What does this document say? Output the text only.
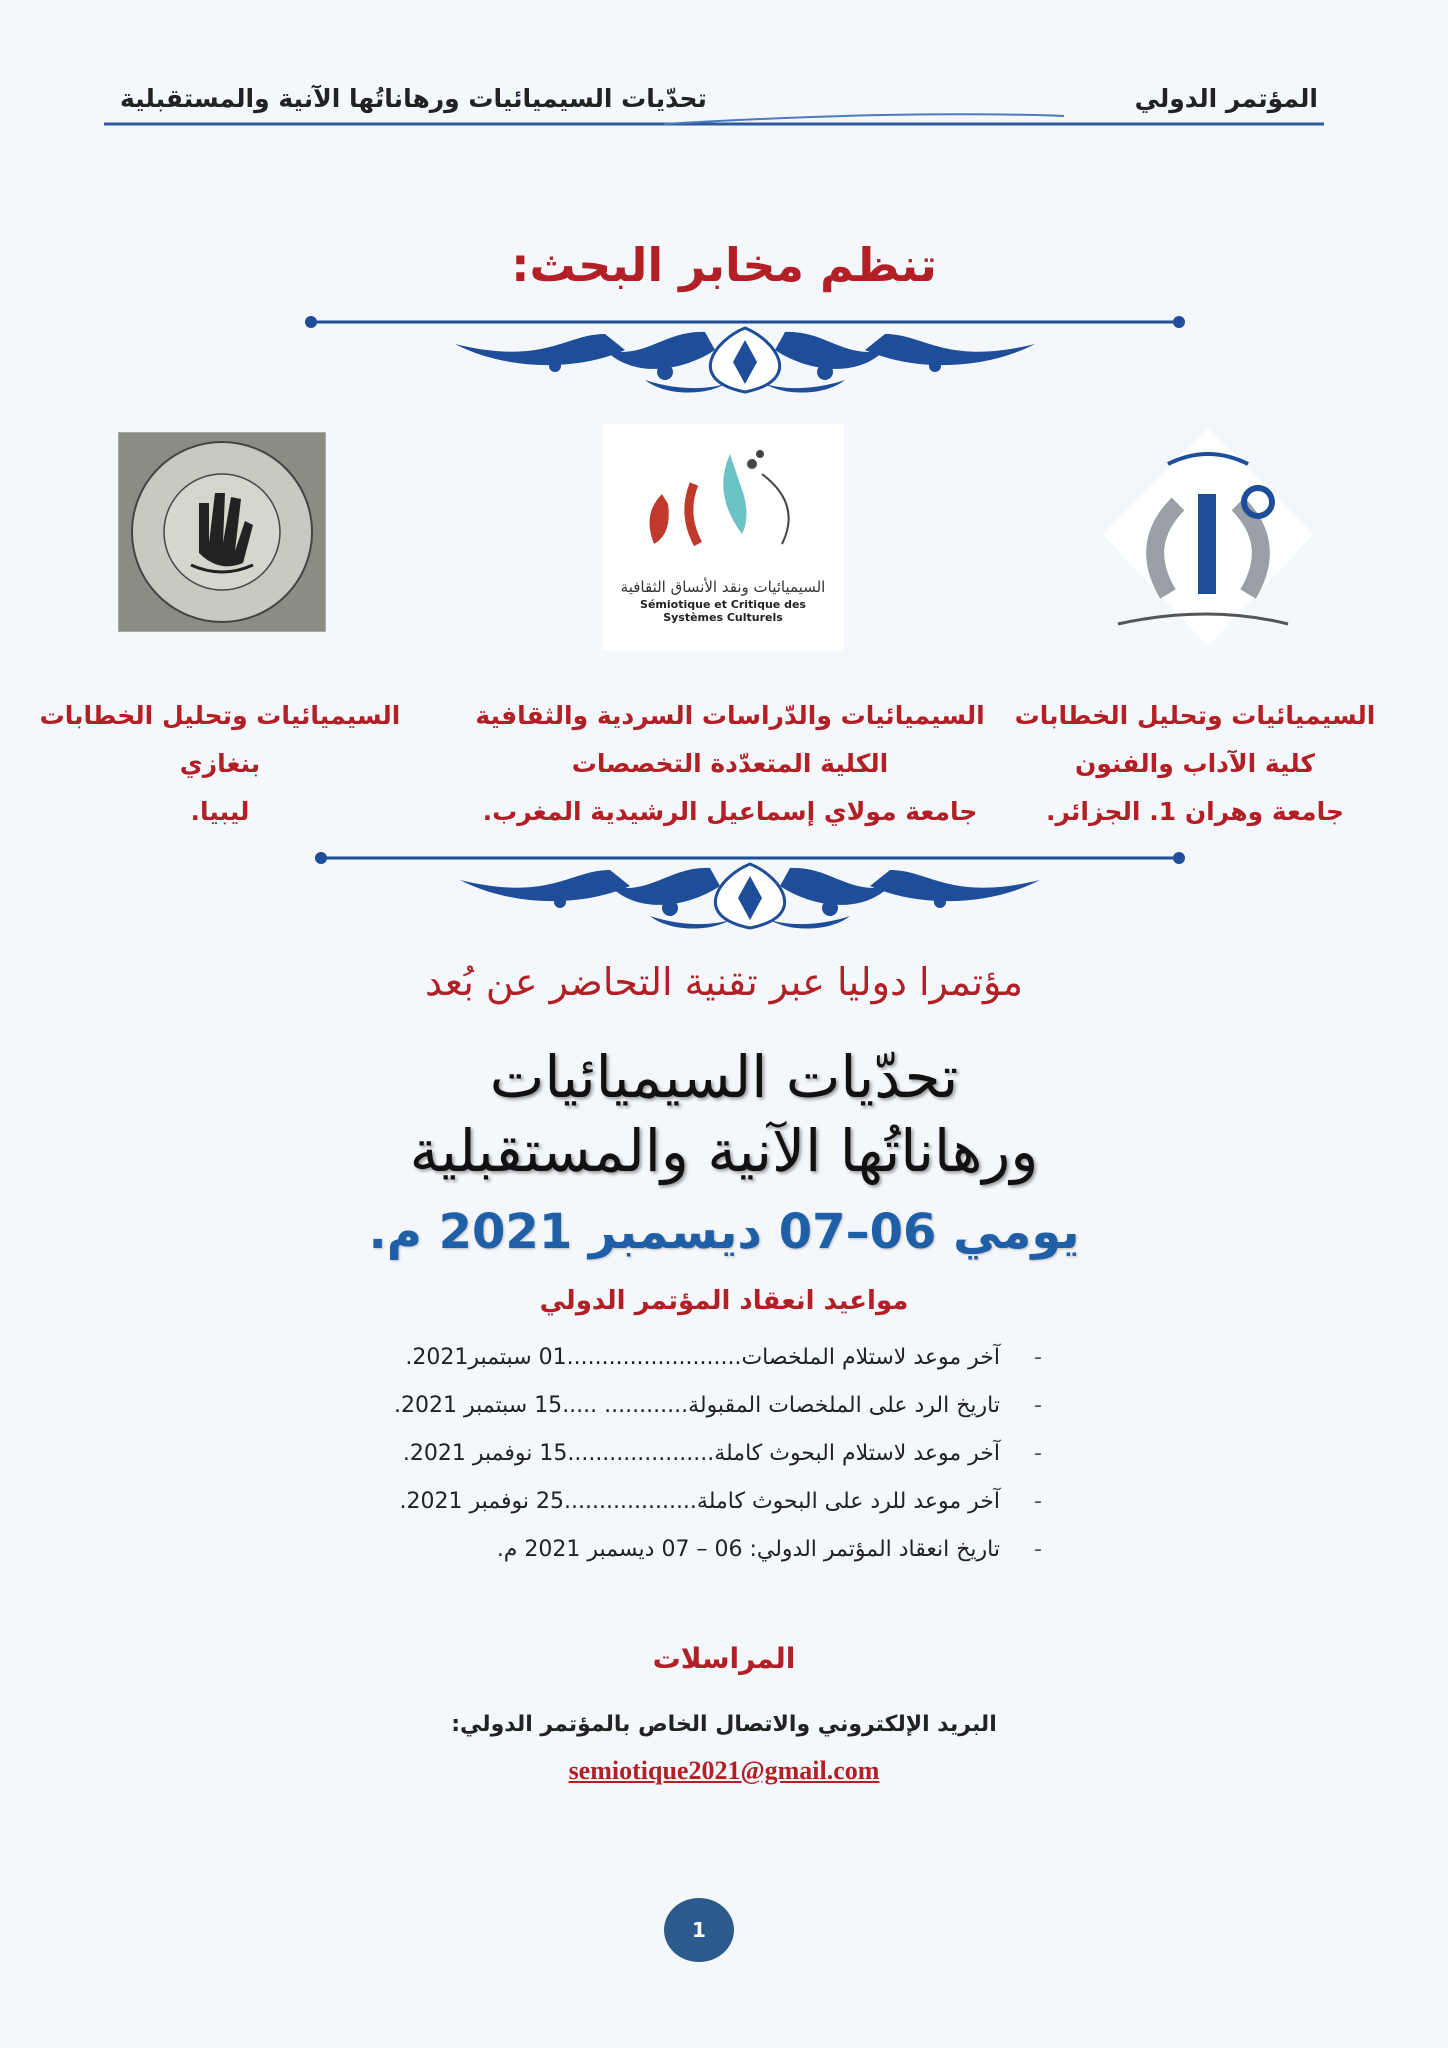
تحدّيات السيميائيات ورهاناتُها الآنية والمستقبلية	المؤتمر الدولي
تنظم مخابر البحث:
السيميائيات ونقد الأنساق الثقافية
Sémiotique et Critique des Systèmes Culturels
السيميائيات وتحليل الخطابات
كلية الآداب والفنون
جامعة وهران 1. الجزائر.
السيميائيات والدّراسات السردية والثقافية
الكلية المتعدّدة التخصصات
جامعة مولاي إسماعيل الرشيدية المغرب.
السيميائيات وتحليل الخطابات
بنغازي
ليبيا.
مؤتمرا دوليا عبر تقنية التحاضر عن بُعد
تحدّيات السيميائيات
ورهاناتُها الآنية والمستقبلية
يومي 06–07 ديسمبر 2021 م.
مواعيد انعقاد المؤتمر الدولي
-
آخر موعد لاستلام الملخصات.........................01 سبتمبر2021.
-
تاريخ الرد على الملخصات المقبولة............ .....15 سبتمبر 2021.
-
آخر موعد لاستلام البحوث كاملة.....................15 نوفمبر 2021.
-
آخر موعد للرد على البحوث كاملة...................25 نوفمبر 2021.
-
تاريخ انعقاد المؤتمر الدولي: 06 – 07 ديسمبر 2021 م.
المراسلات
البريد الإلكتروني والاتصال الخاص بالمؤتمر الدولي:
semiotique2021@gmail.com
1
